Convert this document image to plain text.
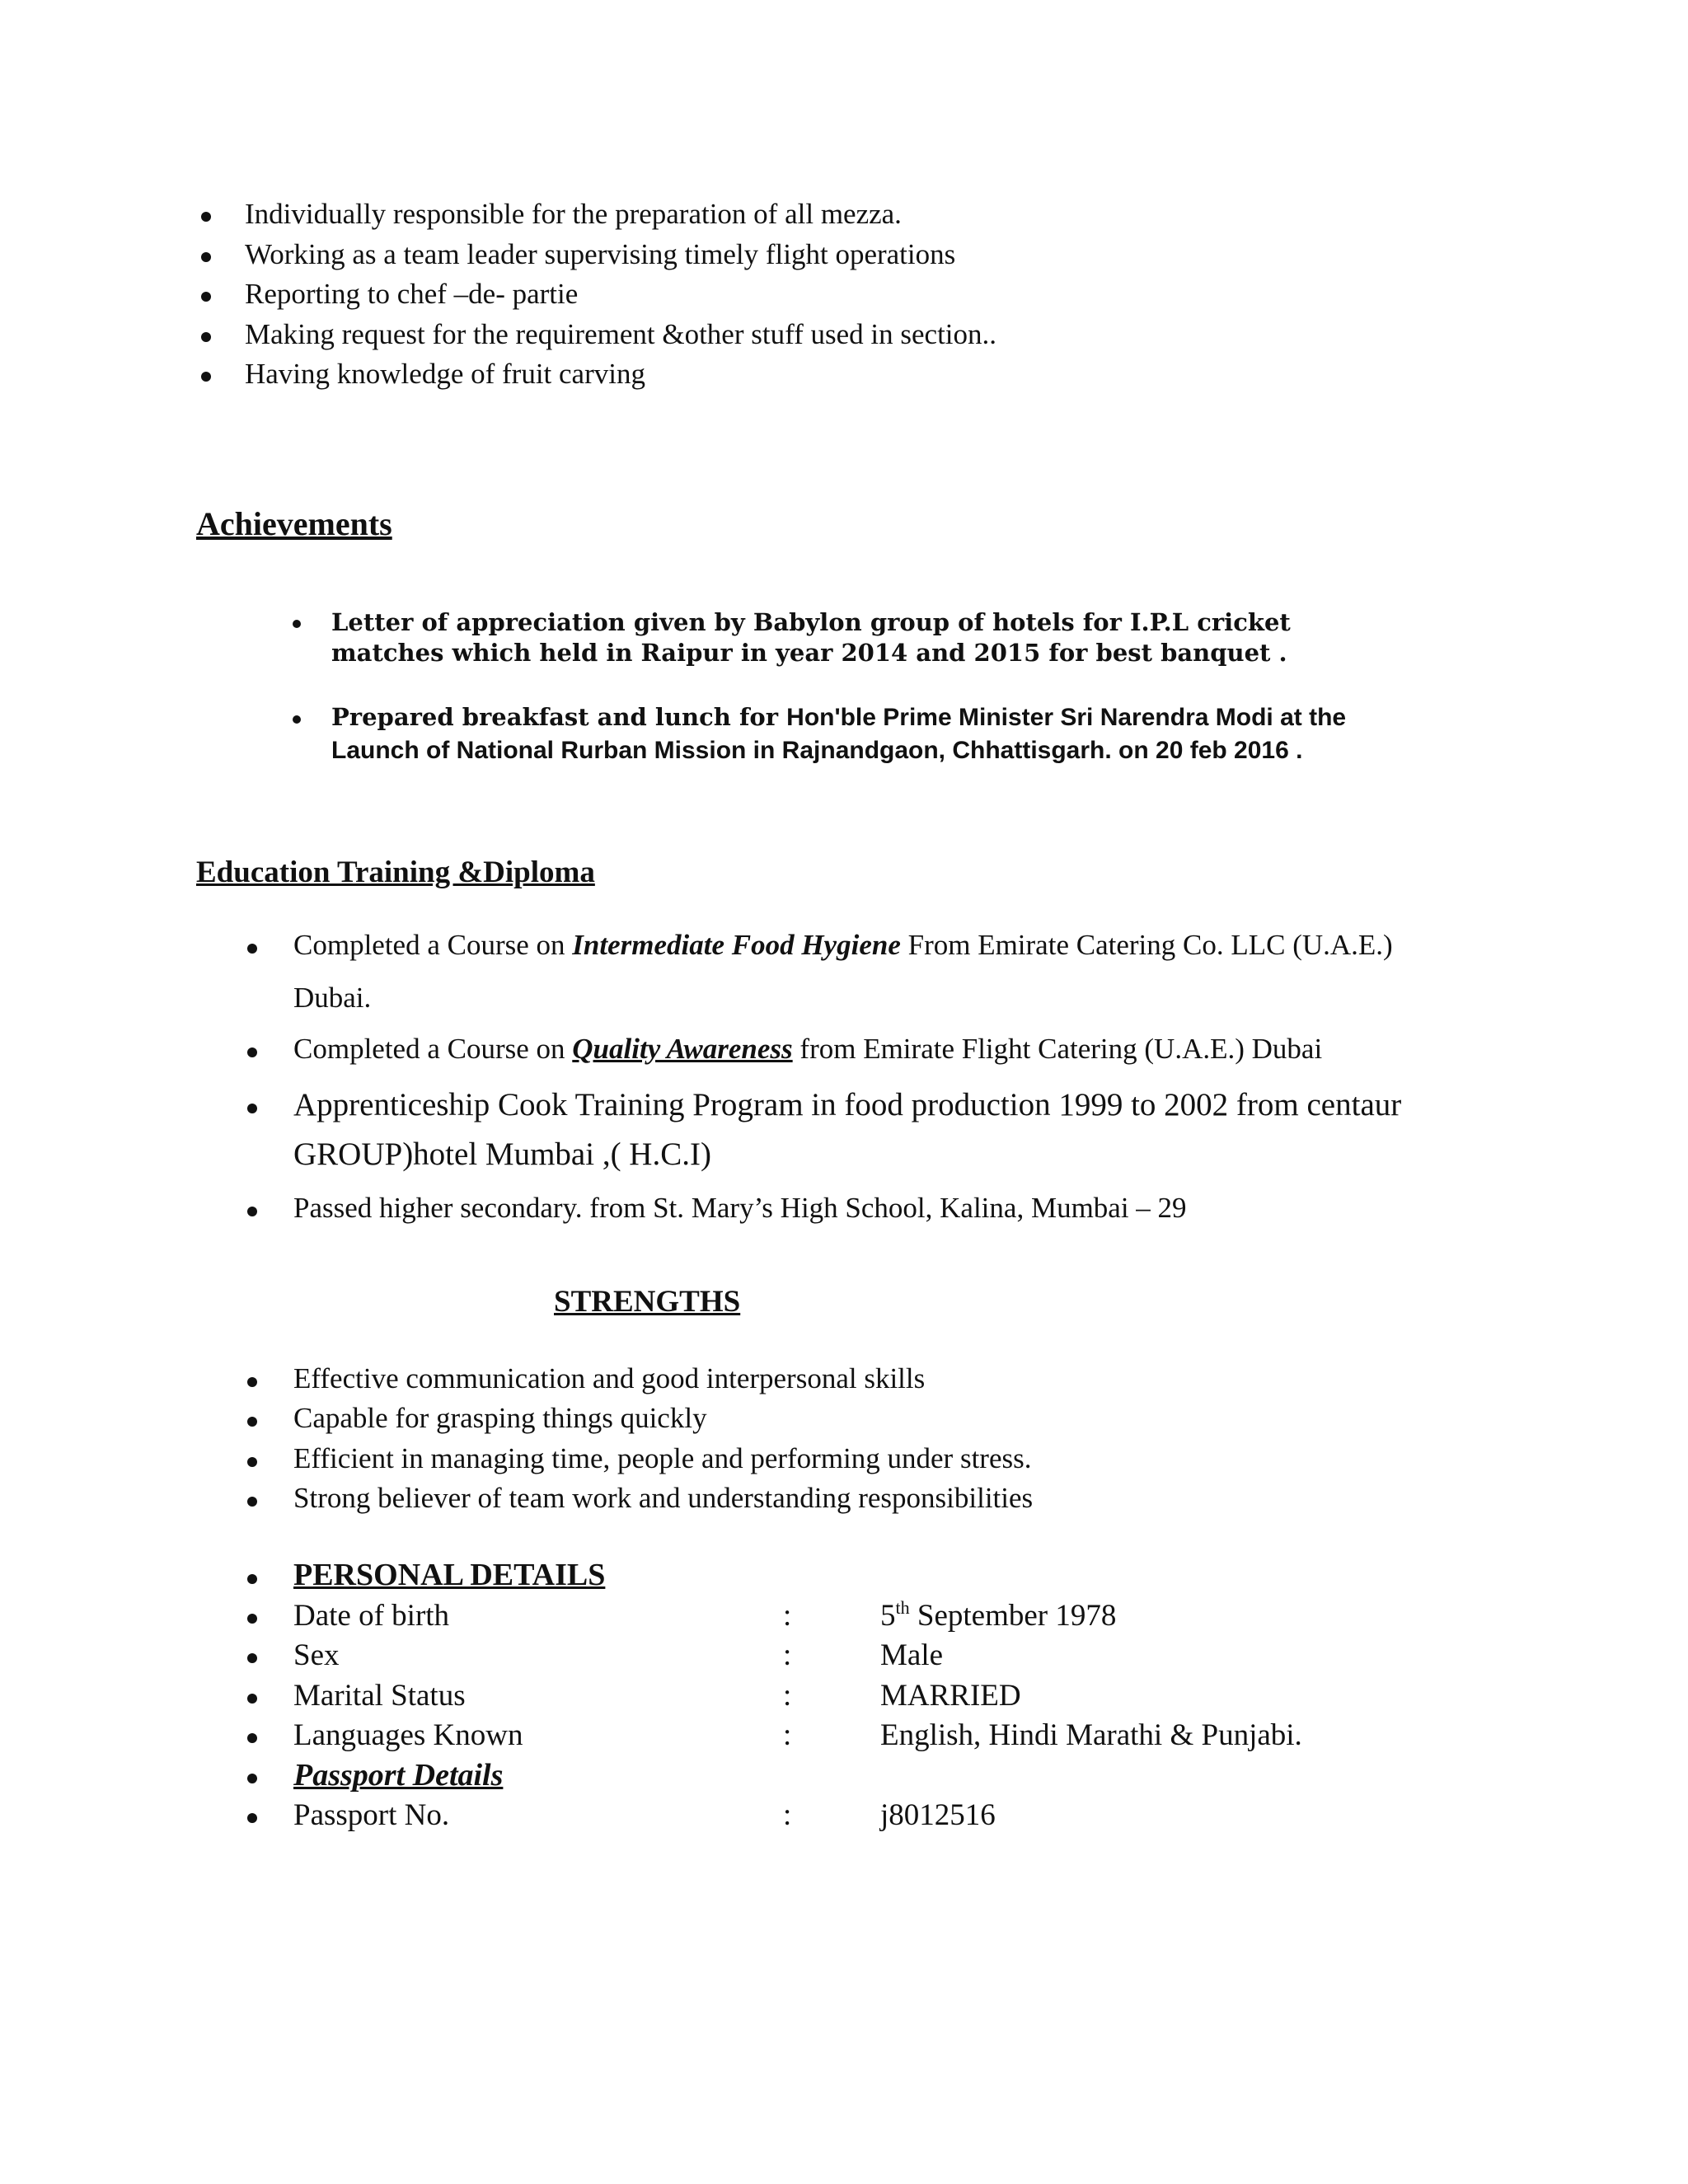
Individually responsible for the preparation of all mezza.
Working as a team leader supervising timely flight operations
Reporting to chef –de- partie
Making request for the requirement &other stuff used in section..
Having knowledge of fruit carving
Achievements
Letter of appreciation given by Babylon group of hotels for I.P.L cricket
matches which held in Raipur in year 2014 and 2015 for best banquet .
Prepared breakfast and lunch for Hon'ble Prime Minister Sri Narendra Modi at the
Launch of National Rurban Mission in Rajnandgaon, Chhattisgarh. on 20 feb 2016 .
Education Training &Diploma
Completed a Course on Intermediate Food Hygiene From Emirate Catering Co. LLC (U.A.E.)
Dubai.
Completed a Course on Quality Awareness from Emirate Flight Catering (U.A.E.) Dubai
Apprenticeship Cook Training Program in food production 1999 to 2002 from centaur
GROUP)hotel Mumbai ,( H.C.I)
Passed higher secondary. from St. Mary’s High School, Kalina, Mumbai – 29
STRENGTHS
Effective communication and good interpersonal skills
Capable for grasping things quickly
Efficient in managing time, people and performing under stress.
Strong believer of team work and understanding responsibilities
PERSONAL DETAILS
Date of birth	:	5th September 1978
Sex	:	Male
Marital Status	:	MARRIED
Languages Known	:	English, Hindi Marathi & Punjabi.
Passport Details
Passport No.	:	j8012516
